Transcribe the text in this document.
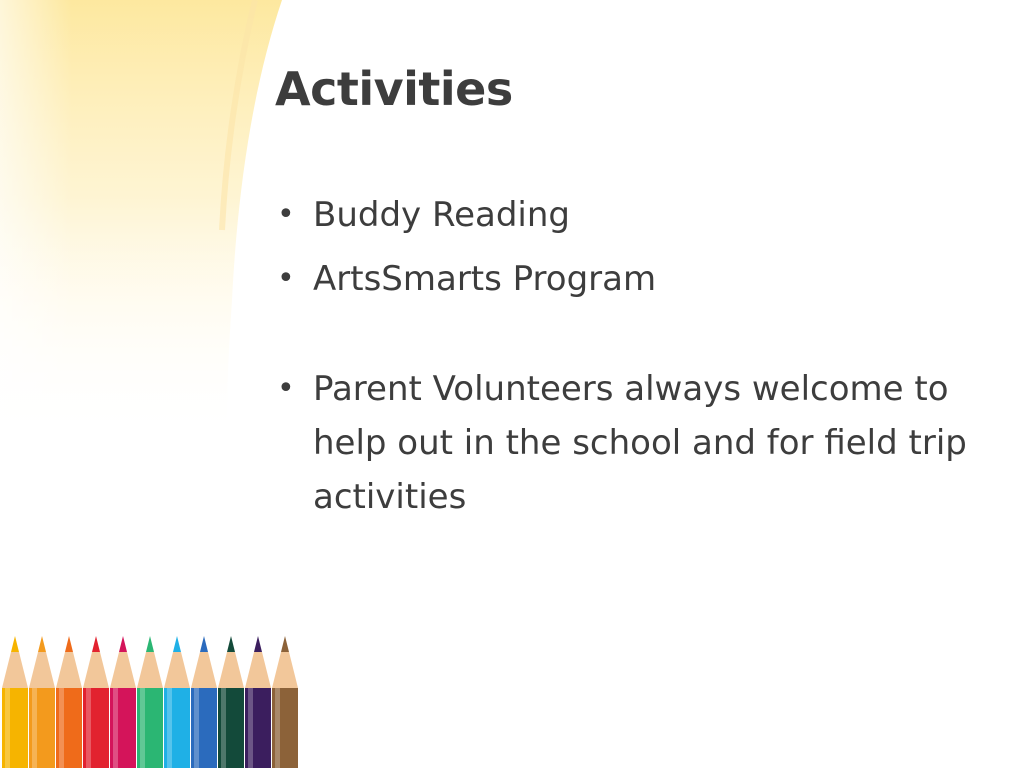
Activities
• Buddy Reading
• ArtsSmarts Program
• Parent Volunteers always welcome to help out in the school and for field trip activities
